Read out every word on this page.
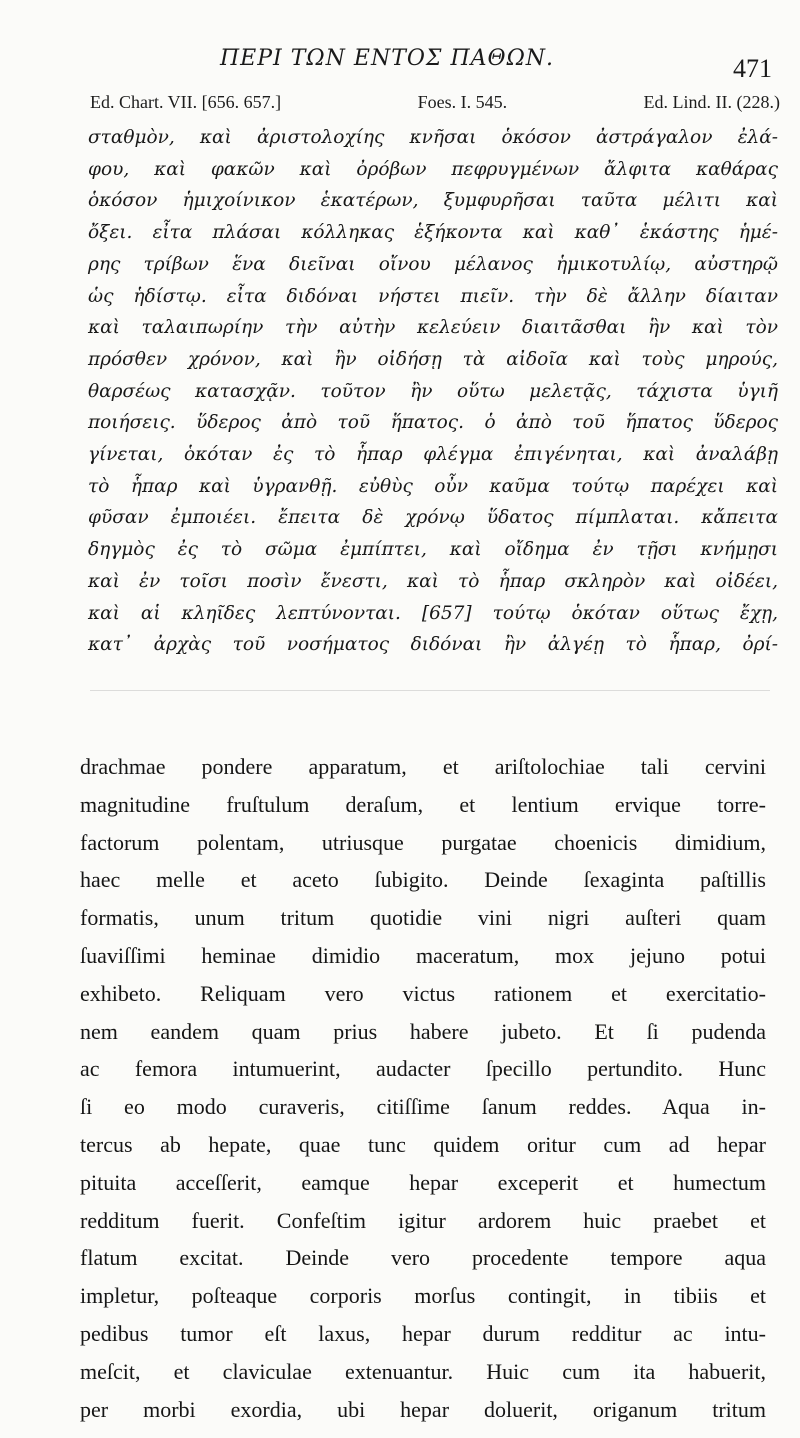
ΠΕΡΙ ΤΩΝ ΕΝΤΟΣ ΠΑΘΩΝ.	471
Ed. Chart. VII. [656. 657.]	Foes. I. 545.	Ed. Lind. II. (228.)
σταθμὸν, καὶ ἀριστολοχίης κνῆσαι ὁκόσον ἀστράγαλον ἐλά-
φου, καὶ φακῶν καὶ ὀρόβων πεφρυγμένων ἄλφιτα καθάρας
ὁκόσον ἡμιχοίνικον ἑκατέρων, ξυμφυρῆσαι ταῦτα μέλιτι καὶ
ὄξει. εἶτα πλάσαι κόλληκας ἑξήκοντα καὶ καθ᾽ ἑκάστης ἡμέ-
ρης τρίβων ἕνα διεῖναι οἴνου μέλανος ἡμικοτυλίῳ, αὐστηρῷ
ὡς ἡδίστῳ. εἶτα διδόναι νήστει πιεῖν. τὴν δὲ ἄλλην δίαιταν
καὶ ταλαιπωρίην τὴν αὐτὴν κελεύειν διαιτᾶσθαι ἣν καὶ τὸν
πρόσθεν χρόνον, καὶ ἢν οἰδήσῃ τὰ αἰδοῖα καὶ τοὺς μηρούς,
θαρσέως κατασχᾷν. τοῦτον ἢν οὕτω μελετᾷς, τάχιστα ὑγιῆ
ποιήσεις. ὕδερος ἀπὸ τοῦ ἥπατος. ὁ ἀπὸ τοῦ ἥπατος ὕδερος
γίνεται, ὁκόταν ἐς τὸ ἧπαρ φλέγμα ἐπιγένηται, καὶ ἀναλάβῃ
τὸ ἧπαρ καὶ ὑγρανθῇ. εὐθὺς οὖν καῦμα τούτῳ παρέχει καὶ
φῦσαν ἐμποιέει. ἔπειτα δὲ χρόνῳ ὕδατος πίμπλαται. κἄπειτα
δηγμὸς ἐς τὸ σῶμα ἐμπίπτει, καὶ οἴδημα ἐν τῇσι κνήμῃσι
καὶ ἐν τοῖσι ποσὶν ἔνεστι, καὶ τὸ ἧπαρ σκληρὸν καὶ οἰδέει,
καὶ αἱ κληῖδες λεπτύνονται. [657] τούτῳ ὁκόταν οὕτως ἔχῃ,
κατ᾽ ἀρχὰς τοῦ νοσήματος διδόναι ἢν ἀλγέῃ τὸ ἧπαρ, ὀρί-
drachmae pondere apparatum, et ariſtolochiae tali cervini
magnitudine fruſtulum deraſum, et lentium ervique torre-
factorum polentam, utriusque purgatae choenicis dimidium,
haec melle et aceto ſubigito. Deinde ſexaginta paſtillis
formatis, unum tritum quotidie vini nigri auſteri quam
ſuaviſſimi heminae dimidio maceratum, mox jejuno potui
exhibeto. Reliquam vero victus rationem et exercitatio-
nem eandem quam prius habere jubeto. Et ſi pudenda
ac femora intumuerint, audacter ſpecillo pertundito. Hunc
ſi eo modo curaveris, citiſſime ſanum reddes. Aqua in-
tercus ab hepate, quae tunc quidem oritur cum ad hepar
pituita acceſſerit, eamque hepar exceperit et humectum
redditum fuerit. Confeſtim igitur ardorem huic praebet et
flatum excitat. Deinde vero procedente tempore aqua
impletur, poſteaque corporis morſus contingit, in tibiis et
pedibus tumor eſt laxus, hepar durum redditur ac intu-
meſcit, et claviculae extenuantur. Huic cum ita habuerit,
per morbi exordia, ubi hepar doluerit, origanum tritum
